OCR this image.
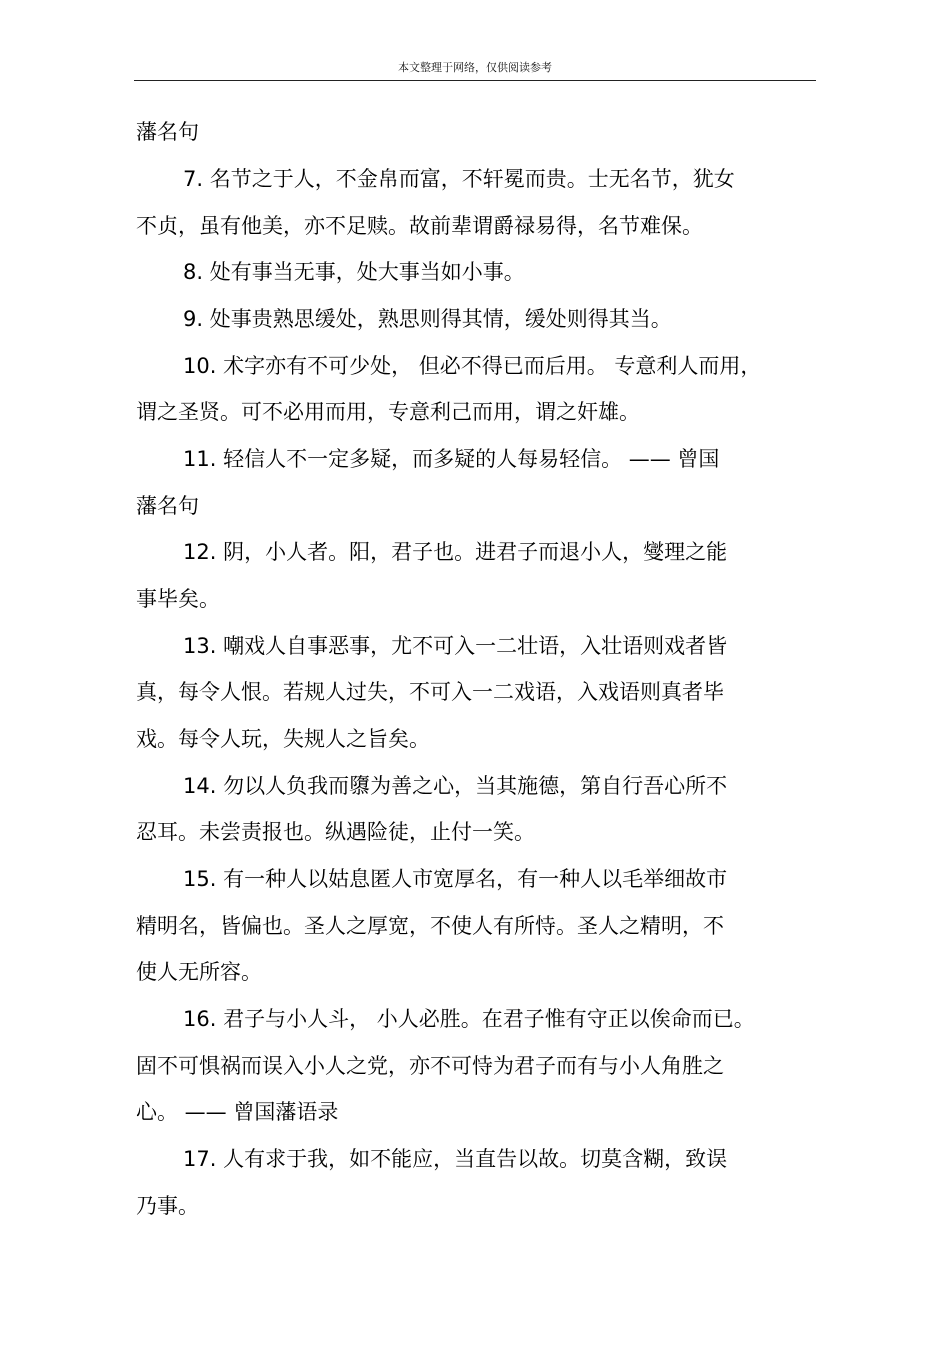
本文整理于网络，仅供阅读参考
藩名句
7. 名节之于人，不金帛而富，不轩冕而贵。士无名节，犹女
不贞，虽有他美，亦不足赎。故前辈谓爵禄易得，名节难保。
8. 处有事当无事，处大事当如小事。
9. 处事贵熟思缓处，熟思则得其情，缓处则得其当。
10. 术字亦有不可少处， 但必不得已而后用。 专意利人而用，
谓之圣贤。可不必用而用，专意利己而用，谓之奸雄。
11. 轻信人不一定多疑，而多疑的人每易轻信。 —— 曾国
藩名句
12. 阴，小人者。阳，君子也。进君子而退小人，燮理之能
事毕矣。
13. 嘲戏人自事恶事，尤不可入一二壮语，入壮语则戏者皆
真，每令人恨。若规人过失，不可入一二戏语，入戏语则真者毕
戏。每令人玩，失规人之旨矣。
14. 勿以人负我而隳为善之心，当其施德，第自行吾心所不
忍耳。未尝责报也。纵遇险徒，止付一笑。
15. 有一种人以姑息匿人市宽厚名，有一种人以毛举细故市
精明名，皆偏也。圣人之厚宽，不使人有所恃。圣人之精明，不
使人无所容。
16. 君子与小人斗， 小人必胜。在君子惟有守正以俟命而已。
固不可惧祸而误入小人之党，亦不可恃为君子而有与小人角胜之
心。 —— 曾国藩语录
17. 人有求于我，如不能应，当直告以故。切莫含糊，致误
乃事。
